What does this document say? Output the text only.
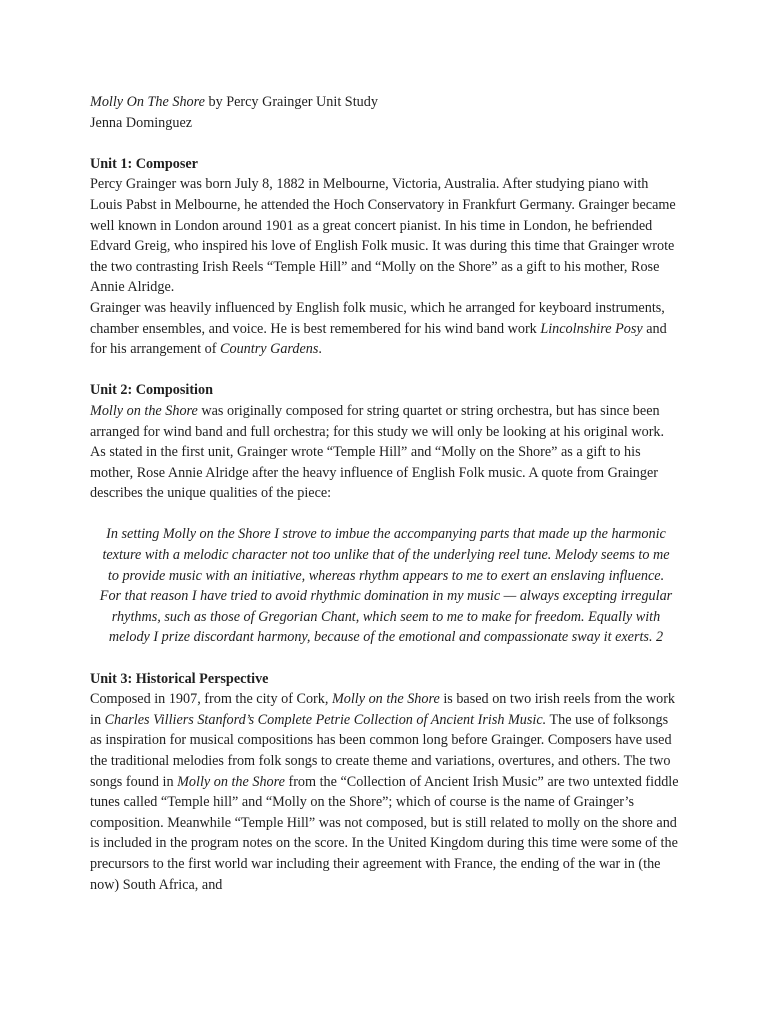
Molly On The Shore by Percy Grainger Unit Study

Jenna Dominguez

Unit 1: Composer

Percy Grainger was born July 8, 1882 in Melbourne, Victoria, Australia. After studying piano with Louis Pabst in Melbourne, he attended the Hoch Conservatory in Frankfurt Germany. Grainger became well known in London around 1901 as a great concert pianist. In his time in London, he befriended Edvard Greig, who inspired his love of English Folk music. It was during this time that Grainger wrote the two contrasting Irish Reels “Temple Hill” and “Molly on the Shore” as a gift to his mother, Rose Annie Alridge.

Grainger was heavily influenced by English folk music, which he arranged for keyboard instruments, chamber ensembles, and voice. He is best remembered for his wind band work Lincolnshire Posy and for his arrangement of Country Gardens.

Unit 2: Composition

Molly on the Shore was originally composed for string quartet or string orchestra, but has since been arranged for wind band and full orchestra; for this study we will only be looking at his original work. As stated in the first unit, Grainger wrote “Temple Hill” and “Molly on the Shore” as a gift to his mother, Rose Annie Alridge after the heavy influence of English Folk music. A quote from Grainger describes the unique qualities of the piece:

In setting Molly on the Shore I strove to imbue the accompanying parts that made up the harmonic texture with a melodic character not too unlike that of the underlying reel tune. Melody seems to me to provide music with an initiative, whereas rhythm appears to me to exert an enslaving influence. For that reason I have tried to avoid rhythmic domination in my music — always excepting irregular rhythms, such as those of Gregorian Chant, which seem to me to make for freedom. Equally with melody I prize discordant harmony, because of the emotional and compassionate sway it exerts. 2
Unit 3: Historical Perspective

Composed in 1907, from the city of Cork, Molly on the Shore is based on two irish reels from the work in Charles Villiers Stanford’s Complete Petrie Collection of Ancient Irish Music. The use of folksongs as inspiration for musical compositions has been common long before Grainger. Composers have used the traditional melodies from folk songs to create theme and variations, overtures, and others. The two songs found in Molly on the Shore from the “Collection of Ancient Irish Music” are two untexted fiddle tunes called “Temple hill” and “Molly on the Shore”; which of course is the name of Grainger’s composition. Meanwhile “Temple Hill” was not composed, but is still related to molly on the shore and is included in the program notes on the score. In the United Kingdom during this time were some of the precursors to the first world war including their agreement with France, the ending of the war in (the now) South Africa, and
